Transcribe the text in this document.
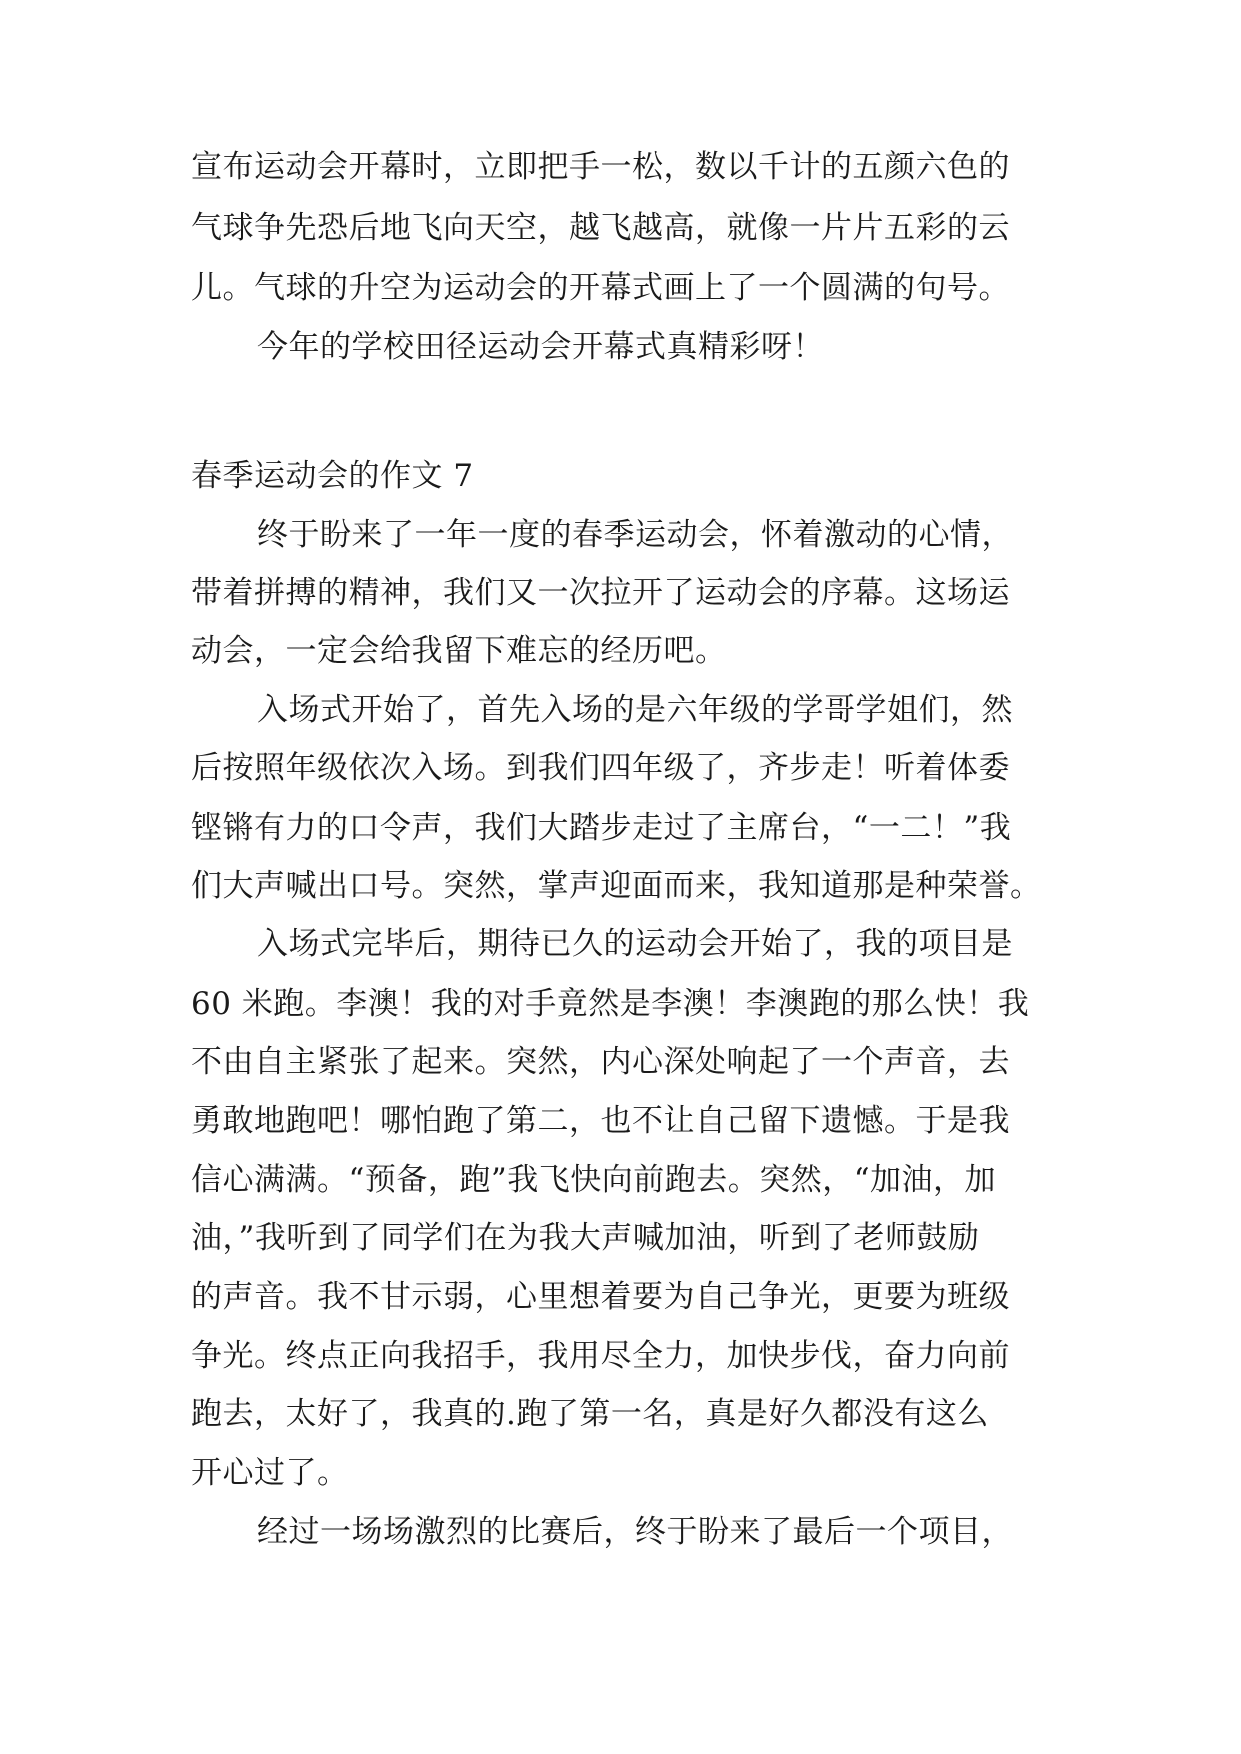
宣布运动会开幕时，立即把手一松，数以千计的五颜六色的
气球争先恐后地飞向天空，越飞越高，就像一片片五彩的云
儿。气球的升空为运动会的开幕式画上了一个圆满的句号。
今年的学校田径运动会开幕式真精彩呀！
春季运动会的作文 7
终于盼来了一年一度的春季运动会，怀着激动的心情，
带着拼搏的精神，我们又一次拉开了运动会的序幕。这场运
动会，一定会给我留下难忘的经历吧。
入场式开始了，首先入场的是六年级的学哥学姐们，然
后按照年级依次入场。到我们四年级了，齐步走！听着体委
铿锵有力的口令声，我们大踏步走过了主席台，“一二！”我
们大声喊出口号。突然，掌声迎面而来，我知道那是种荣誉。
入场式完毕后，期待已久的运动会开始了，我的项目是
60 米跑。李澳！我的对手竟然是李澳！李澳跑的那么快！我
不由自主紧张了起来。突然，内心深处响起了一个声音，去
勇敢地跑吧！哪怕跑了第二，也不让自己留下遗憾。于是我
信心满满。“预备，跑”我飞快向前跑去。突然，“加油，加
油，”我听到了同学们在为我大声喊加油，听到了老师鼓励
的声音。我不甘示弱，心里想着要为自己争光，更要为班级
争光。终点正向我招手，我用尽全力，加快步伐，奋力向前
跑去，太好了，我真的.跑了第一名，真是好久都没有这么
开心过了。
经过一场场激烈的比赛后，终于盼来了最后一个项目，
